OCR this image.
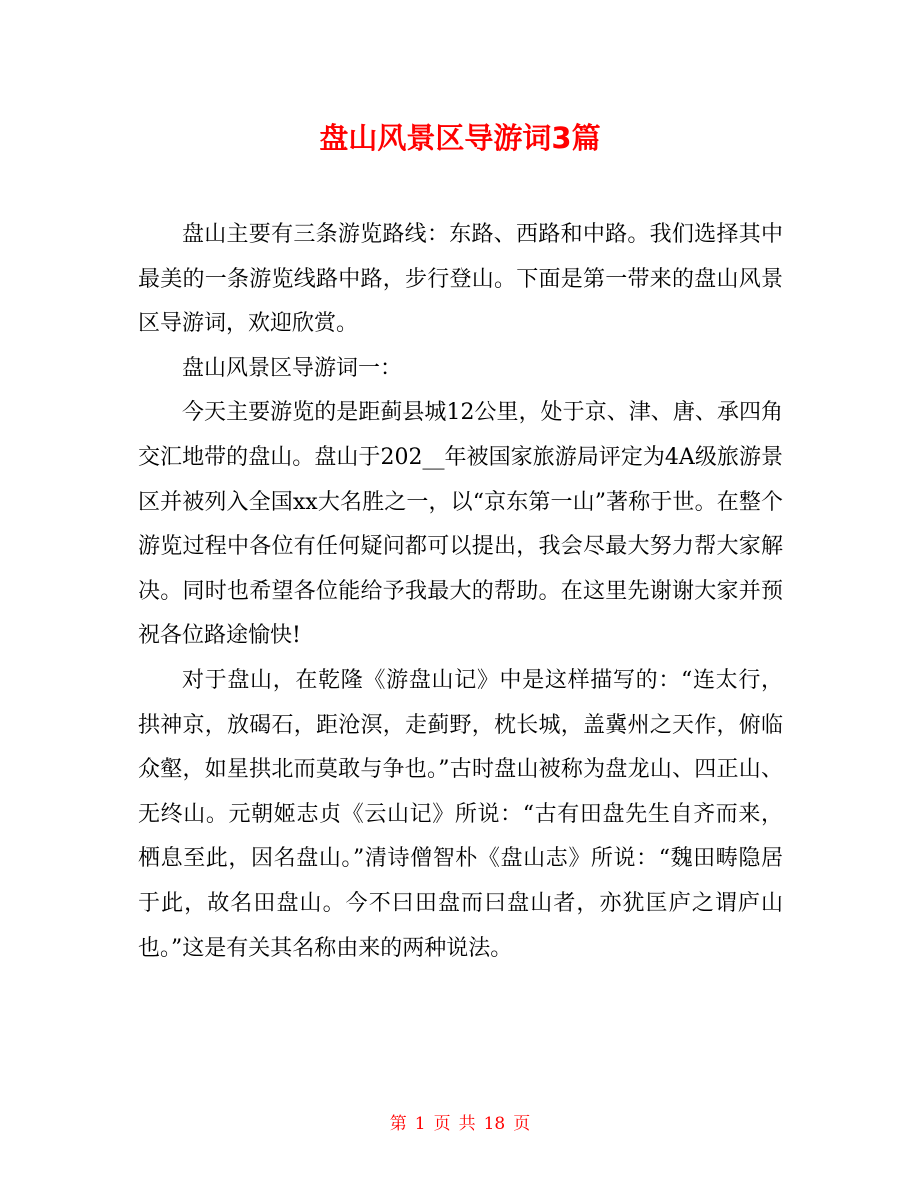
盘山风景区导游词3篇

盘山主要有三条游览路线：东路、西路和中路。我们选择其中最美的一条游览线路中路，步行登山。下面是第一带来的盘山风景区导游词，欢迎欣赏。

盘山风景区导游词一：

今天主要游览的是距蓟县城12公里，处于京、津、唐、承四角交汇地带的盘山。盘山于202__年被国家旅游局评定为4A级旅游景区并被列入全国xx大名胜之一，以“京东第一山”著称于世。在整个游览过程中各位有任何疑问都可以提出，我会尽最大努力帮大家解决。同时也希望各位能给予我最大的帮助。在这里先谢谢大家并预祝各位路途愉快!

对于盘山，在乾隆《游盘山记》中是这样描写的：“连太行，拱神京，放碣石，距沧溟，走蓟野，枕长城，盖冀州之天作，俯临众壑，如星拱北而莫敢与争也。”古时盘山被称为盘龙山、四正山、无终山。元朝姬志贞《云山记》所说：“古有田盘先生自齐而来，栖息至此，因名盘山。”清诗僧智朴《盘山志》所说：“魏田畴隐居于此，故名田盘山。今不曰田盘而曰盘山者，亦犹匡庐之谓庐山也。”这是有关其名称由来的两种说法。

第 1 页 共 18 页
